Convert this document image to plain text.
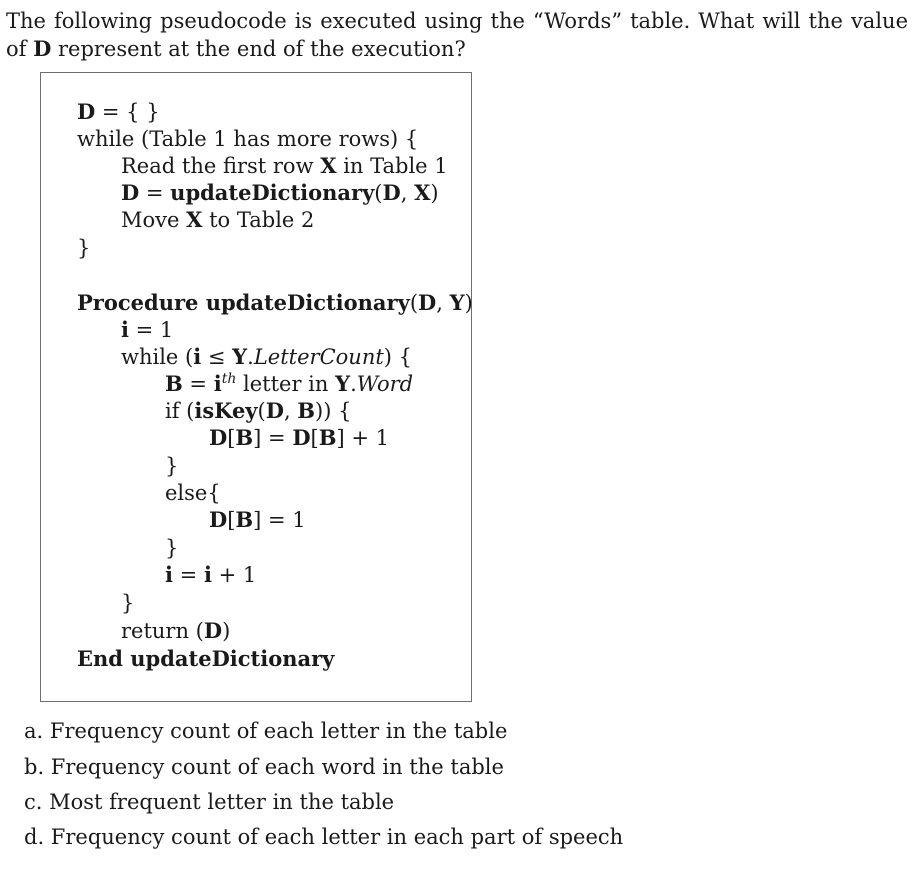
The following pseudocode is executed using the “Words” table. What will the value of D represent at the end of the execution?
D = { }
while (Table 1 has more rows) {
Read the first row X in Table 1
D = updateDictionary(D, X)
Move X to Table 2
}
Procedure updateDictionary(D, Y)
i = 1
while (i ≤ Y.LetterCount) {
$B = i^{th}$ letter in Y.Word
if (isKey(D, B)) {
D[B] = D[B] + 1
}
else{
D[B] = 1
}
i = i + 1
}
return (D)
End updateDictionary
a. Frequency count of each letter in the table
b. Frequency count of each word in the table
c. Most frequent letter in the table
d. Frequency count of each letter in each part of speech
